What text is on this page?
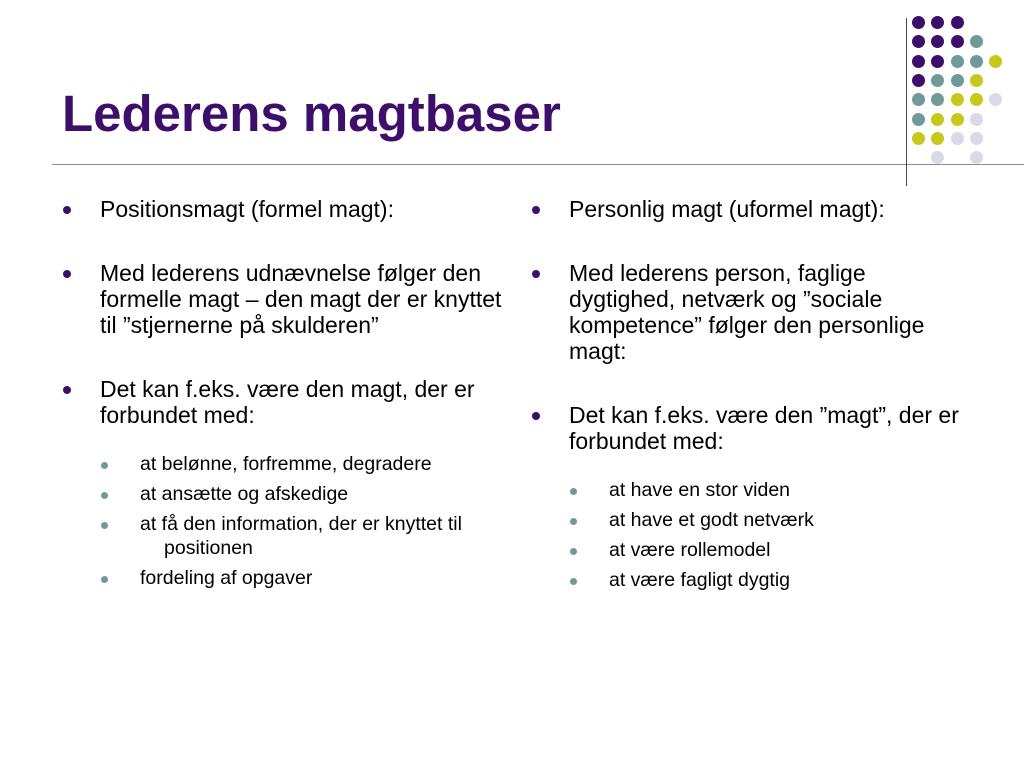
Lederens magtbaser
Positionsmagt (formel magt):
Med lederens udnævnelse følger den formelle magt – den magt der er knyttet til ”stjernerne på skulderen”
Det kan f.eks. være den magt, der er forbundet med:
at belønne, forfremme, degradere
at ansætte og afskedige
at få den information, der er knyttet til positionen
fordeling af opgaver
Personlig magt (uformel magt):
Med lederens person, faglige dygtighed, netværk og ”sociale kompetence” følger den personlige magt:
Det kan f.eks. være den ”magt”, der er forbundet med:
at have en stor viden
at have et godt netværk
at være rollemodel
at være fagligt dygtig
